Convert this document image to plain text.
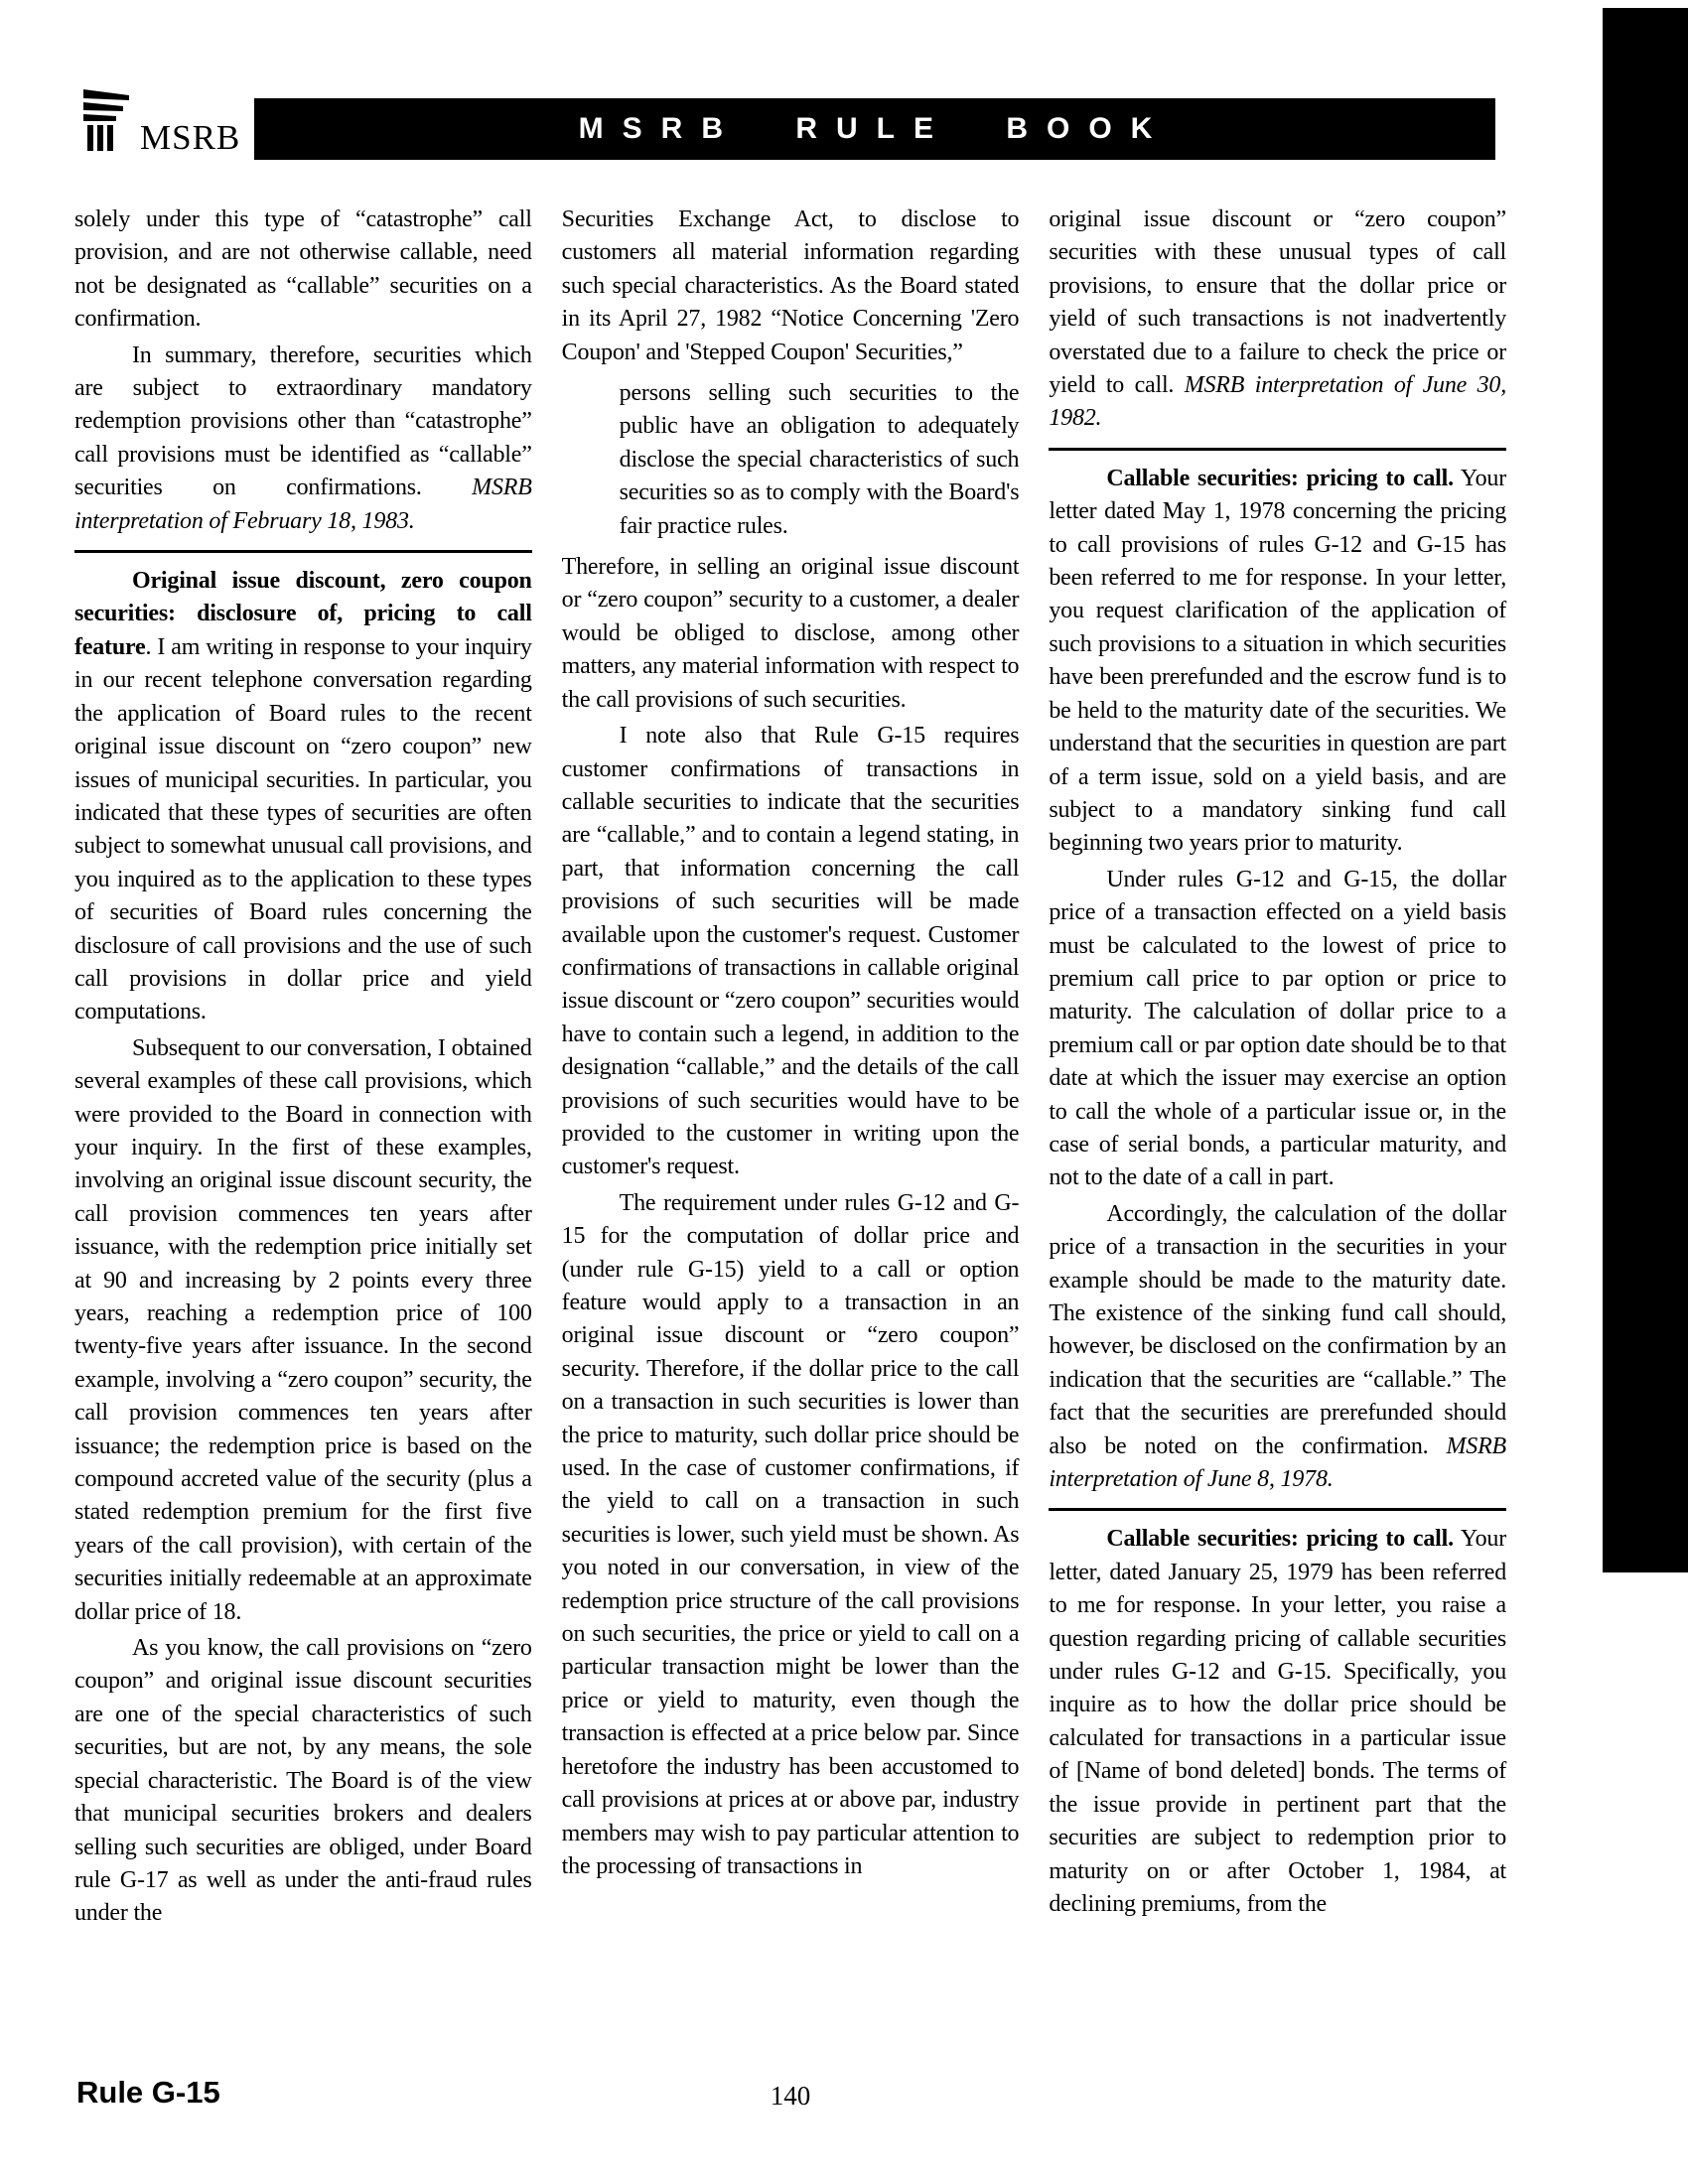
MSRB	MSRB RULE BOOK

solely under this type of “catastrophe” call provision, and are not otherwise callable, need not be designated as “callable” securities on a confirmation.

In summary, therefore, securities which are subject to extraordinary mandatory redemption provisions other than “catastrophe” call provisions must be identified as “callable” securities on confirmations. MSRB interpretation of February 18, 1983.

Original issue discount, zero coupon securities: disclosure of, pricing to call feature. I am writing in response to your inquiry in our recent telephone conversation regarding the application of Board rules to the recent original issue discount on “zero coupon” new issues of municipal securities. In particular, you indicated that these types of securities are often subject to somewhat unusual call provisions, and you inquired as to the application to these types of securities of Board rules concerning the disclosure of call provisions and the use of such call provisions in dollar price and yield computations.

Subsequent to our conversation, I obtained several examples of these call provisions, which were provided to the Board in connection with your inquiry. In the first of these examples, involving an original issue discount security, the call provision commences ten years after issuance, with the redemption price initially set at 90 and increasing by 2 points every three years, reaching a redemption price of 100 twenty-five years after issuance. In the second example, involving a “zero coupon” security, the call provision commences ten years after issuance; the redemption price is based on the compound accreted value of the security (plus a stated redemption premium for the first five years of the call provision), with certain of the securities initially redeemable at an approximate dollar price of 18.

As you know, the call provisions on “zero coupon” and original issue discount securities are one of the special characteristics of such securities, but are not, by any means, the sole special characteristic. The Board is of the view that municipal securities brokers and dealers selling such securities are obliged, under Board rule G-17 as well as under the anti-fraud rules under the

Securities Exchange Act, to disclose to customers all material information regarding such special characteristics. As the Board stated in its April 27, 1982 “Notice Concerning 'Zero Coupon' and 'Stepped Coupon' Securities,”

persons selling such securities to the public have an obligation to adequately disclose the special characteristics of such securities so as to comply with the Board's fair practice rules.

Therefore, in selling an original issue discount or “zero coupon” security to a customer, a dealer would be obliged to disclose, among other matters, any material information with respect to the call provisions of such securities.

I note also that Rule G-15 requires customer confirmations of transactions in callable securities to indicate that the securities are “callable,” and to contain a legend stating, in part, that information concerning the call provisions of such securities will be made available upon the customer's request. Customer confirmations of transactions in callable original issue discount or “zero coupon” securities would have to contain such a legend, in addition to the designation “callable,” and the details of the call provisions of such securities would have to be provided to the customer in writing upon the customer's request.

The requirement under rules G-12 and G-15 for the computation of dollar price and (under rule G-15) yield to a call or option feature would apply to a transaction in an original issue discount or “zero coupon” security. Therefore, if the dollar price to the call on a transaction in such securities is lower than the price to maturity, such dollar price should be used. In the case of customer confirmations, if the yield to call on a transaction in such securities is lower, such yield must be shown. As you noted in our conversation, in view of the redemption price structure of the call provisions on such securities, the price or yield to call on a particular transaction might be lower than the price or yield to maturity, even though the transaction is effected at a price below par. Since heretofore the industry has been accustomed to call provisions at prices at or above par, industry members may wish to pay particular attention to the processing of transactions in

original issue discount or “zero coupon” securities with these unusual types of call provisions, to ensure that the dollar price or yield of such transactions is not inadvertently overstated due to a failure to check the price or yield to call. MSRB interpretation of June 30, 1982.

Callable securities: pricing to call. Your letter dated May 1, 1978 concerning the pricing to call provisions of rules G-12 and G-15 has been referred to me for response. In your letter, you request clarification of the application of such provisions to a situation in which securities have been prerefunded and the escrow fund is to be held to the maturity date of the securities. We understand that the securities in question are part of a term issue, sold on a yield basis, and are subject to a mandatory sinking fund call beginning two years prior to maturity.

Under rules G-12 and G-15, the dollar price of a transaction effected on a yield basis must be calculated to the lowest of price to premium call price to par option or price to maturity. The calculation of dollar price to a premium call or par option date should be to that date at which the issuer may exercise an option to call the whole of a particular issue or, in the case of serial bonds, a particular maturity, and not to the date of a call in part.

Accordingly, the calculation of the dollar price of a transaction in the securities in your example should be made to the maturity date. The existence of the sinking fund call should, however, be disclosed on the confirmation by an indication that the securities are “callable.” The fact that the securities are prerefunded should also be noted on the confirmation. MSRB interpretation of June 8, 1978.

Callable securities: pricing to call. Your letter, dated January 25, 1979 has been referred to me for response. In your letter, you raise a question regarding pricing of callable securities under rules G-12 and G-15. Specifically, you inquire as to how the dollar price should be calculated for transactions in a particular issue of [Name of bond deleted] bonds. The terms of the issue provide in pertinent part that the securities are subject to redemption prior to maturity on or after October 1, 1984, at declining premiums, from the

Rule G-15	140
